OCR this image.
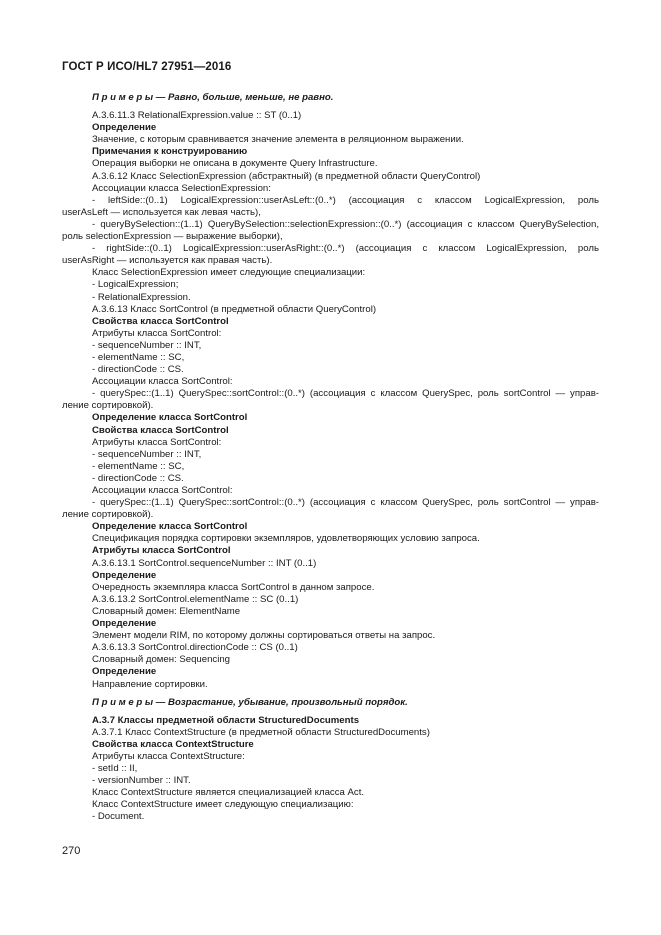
ГОСТ Р ИСО/HL7 27951—2016
П р и м е р ы — Равно, больше, меньше, не равно.
A.3.6.11.3 RelationalExpression.value :: ST (0..1)
Определение
Значение, с которым сравнивается значение элемента в реляционном выражении.
Примечания к конструированию
Операция выборки не описана в документе Query Infrastructure.
A.3.6.12 Класс SelectionExpression (абстрактный) (в предметной области QueryControl)
Ассоциации класса SelectionExpression:
- leftSide::(0..1) LogicalExpression::userAsLeft::(0..*) (ассоциация с классом LogicalExpression, роль
userAsLeft — используется как левая часть),
- queryBySelection::(1..1) QueryBySelection::selectionExpression::(0..*) (ассоциация с классом QueryBySelection,
роль selectionExpression — выражение выборки),
- rightSide::(0..1) LogicalExpression::userAsRight::(0..*) (ассоциация с классом LogicalExpression, роль
userAsRight — используется как правая часть).
Класс SelectionExpression имеет следующие специализации:
- LogicalExpression;
- RelationalExpression.
A.3.6.13 Класс SortControl (в предметной области QueryControl)
Свойства класса SortControl
Атрибуты класса SortControl:
- sequenceNumber :: INT,
- elementName :: SC,
- directionCode :: CS.
Ассоциации класса SortControl:
- querySpec::(1..1) QuerySpec::sortControl::(0..*) (ассоциация с классом QuerySpec, роль sortControl — управ-
ление сортировкой).
Определение класса SortControl
Свойства класса SortControl
Атрибуты класса SortControl:
- sequenceNumber :: INT,
- elementName :: SC,
- directionCode :: CS.
Ассоциации класса SortControl:
- querySpec::(1..1) QuerySpec::sortControl::(0..*) (ассоциация с классом QuerySpec, роль sortControl — управ-
ление сортировкой).
Определение класса SortControl
Спецификация порядка сортировки экземпляров, удовлетворяющих условию запроса.
Атрибуты класса SortControl
A.3.6.13.1 SortControl.sequenceNumber :: INT (0..1)
Определение
Очередность экземпляра класса SortControl в данном запросе.
A.3.6.13.2 SortControl.elementName :: SC (0..1)
Словарный домен: ElementName
Определение
Элемент модели RIM, по которому должны сортироваться ответы на запрос.
A.3.6.13.3 SortControl.directionCode :: CS (0..1)
Словарный домен: Sequencing
Определение
Направление сортировки.
П р и м е р ы — Возрастание, убывание, произвольный порядок.
A.3.7 Классы предметной области StructuredDocuments
A.3.7.1 Класс ContextStructure (в предметной области StructuredDocuments)
Свойства класса ContextStructure
Атрибуты класса ContextStructure:
- setId :: II,
- versionNumber :: INT.
Класс ContextStructure является специализацией класса Act.
Класс ContextStructure имеет следующую специализацию:
- Document.
270
